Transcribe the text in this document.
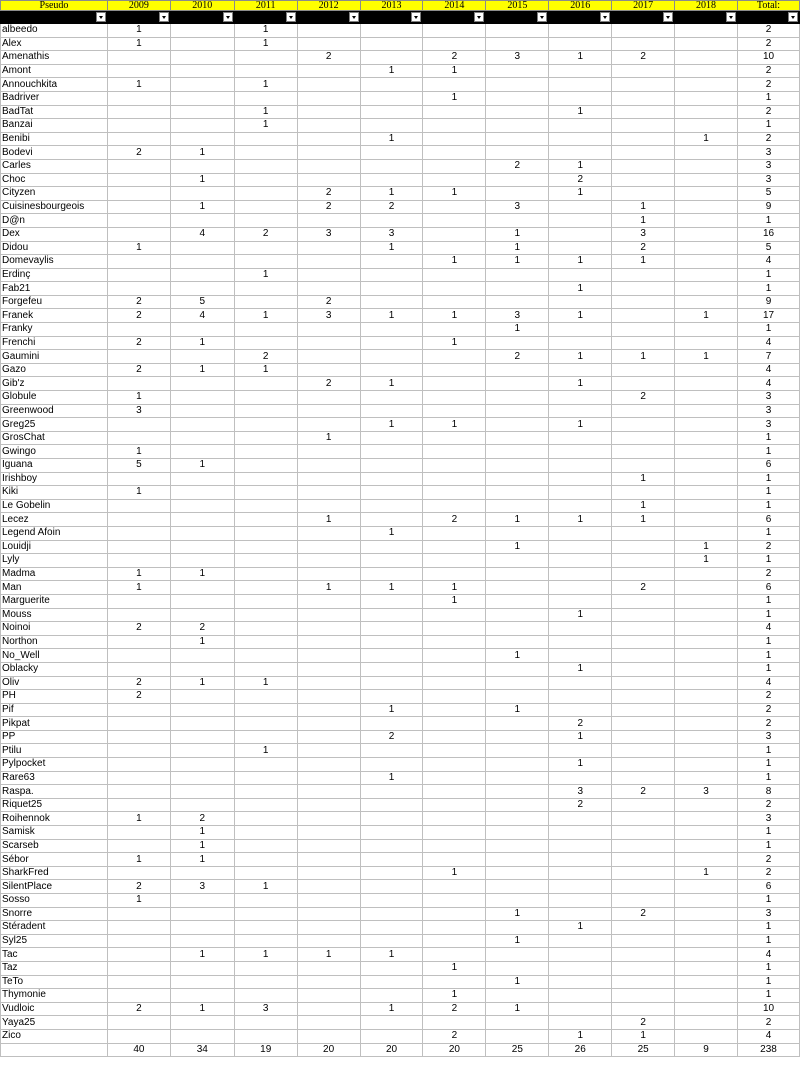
Pseudo	2009	2010	2011	2012	2013	2014	2015	2016	2017	2018	Total:

albeedo	1		1								2
Alex	1		1								2
Amenathis				2		2	3	1	2		10
Amont					1	1					2
Annouchkita	1		1								2
Badriver						1					1
BadTat			1					1			2
Banzai			1								1
Benibi					1					1	2
Bodevi	2	1									3
Carles							2	1			3
Choc		1						2			3
Cityzen				2	1	1		1			5
Cuisinesbourgeois		1		2	2		3		1		9
D@n									1		1
Dex		4	2	3	3		1		3		16
Didou	1				1		1		2		5
Domevaylis						1	1	1	1		4
Erdinç			1								1
Fab21								1			1
Forgefeu	2	5		2							9
Franek	2	4	1	3	1	1	3	1		1	17
Franky							1				1
Frenchi	2	1				1					4
Gaumini			2				2	1	1	1	7
Gazo	2	1	1								4
Gib'z				2	1			1			4
Globule	1								2		3
Greenwood	3										3
Greg25					1	1		1			3
GrosChat				1							1
Gwingo	1										1
Iguana	5	1									6
Irishboy									1		1
Kiki	1										1
Le Gobelin									1		1
Lecez				1		2	1	1	1		6
Legend Afoin					1						1
Louidji							1			1	2
Lyly										1	1
Madma	1	1									2
Man	1			1	1	1			2		6
Marguerite						1					1
Mouss								1			1
Noinoi	2	2									4
Northon		1									1
No_Well							1				1
Oblacky								1			1
Oliv	2	1	1								4
PH	2										2
Pif					1		1				2
Pikpat								2			2
PP					2			1			3
Ptilu			1								1
Pylpocket								1			1
Rare63					1						1
Raspa.								3	2	3	8
Riquet25								2			2
Roihennok	1	2									3
Samisk		1									1
Scarseb		1									1
Sébor	1	1									2
SharkFred						1				1	2
SilentPlace	2	3	1								6
Sosso	1										1
Snorre							1		2		3
Stéradent								1			1
Syl25							1				1
Tac		1	1	1	1						4
Taz						1					1
TeTo							1				1
Thymonie						1					1
Vudloic	2	1	3		1	2	1				10
Yaya25									2		2
Zico						2		1	1		4
	40	34	19	20	20	20	25	26	25	9	238
